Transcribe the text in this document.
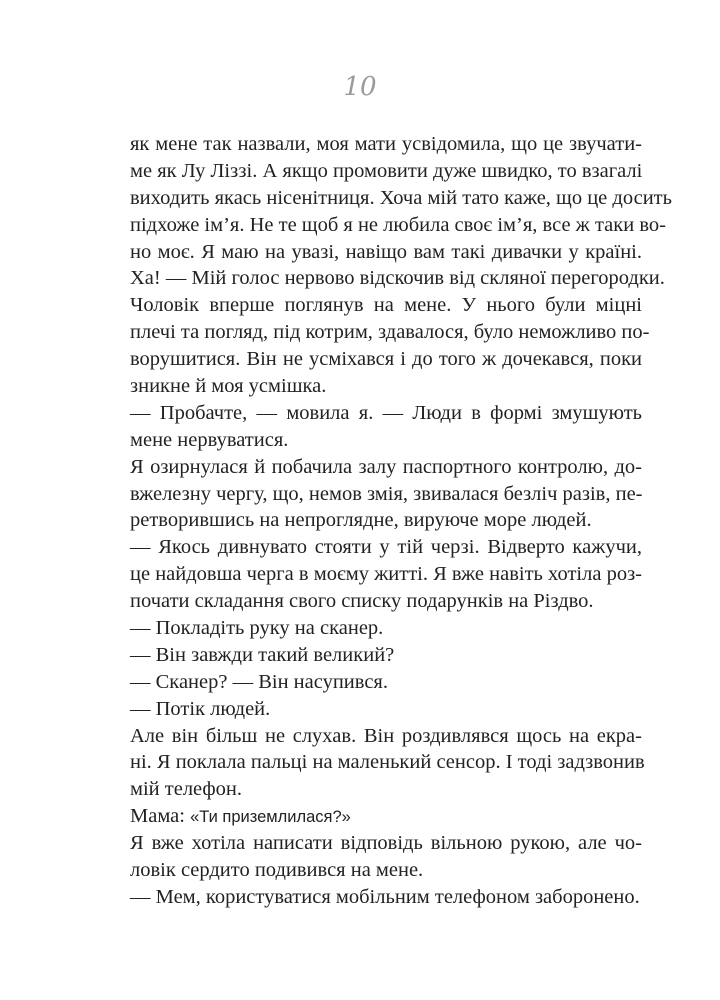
10
як мене так назвали, моя мати усвідомила, що це звучати-
ме як Лу Ліззі. А якщо промовити дуже швидко, то взагалі
виходить якась нісенітниця. Хоча мій тато каже, що це досить
підхоже ім’я. Не те щоб я не любила своє ім’я, все ж таки во-
но моє. Я маю на увазі, навіщо вам такі дивачки у країні.
Ха! — Мій голос нервово відскочив від скляної перегородки.
Чоловік вперше поглянув на мене. У нього були міцні
плечі та погляд, під котрим, здавалося, було неможливо по-
ворушитися. Він не усміхався і до того ж дочекався, поки
зникне й моя усмішка.
— Пробачте, — мовила я. — Люди в формі змушують
мене нервуватися.
Я озирнулася й побачила залу паспортного контролю, до-
вжелезну чергу, що, немов змія, звивалася безліч разів, пе-
ретворившись на непроглядне, вируюче море людей.
— Якось дивнувато стояти у тій черзі. Відверто кажучи,
це найдовша черга в моєму житті. Я вже навіть хотіла роз-
почати складання свого списку подарунків на Різдво.
— Покладіть руку на сканер.
— Він завжди такий великий?
— Сканер? — Він насупився.
— Потік людей.
Але він більш не слухав. Він роздивлявся щось на екра-
ні. Я поклала пальці на маленький сенсор. І тоді задзвонив
мій телефон.
Мама: «Ти приземлилася?»
Я вже хотіла написати відповідь вільною рукою, але чо-
ловік сердито подивився на мене.
— Мем, користуватися мобільним телефоном заборонено.
